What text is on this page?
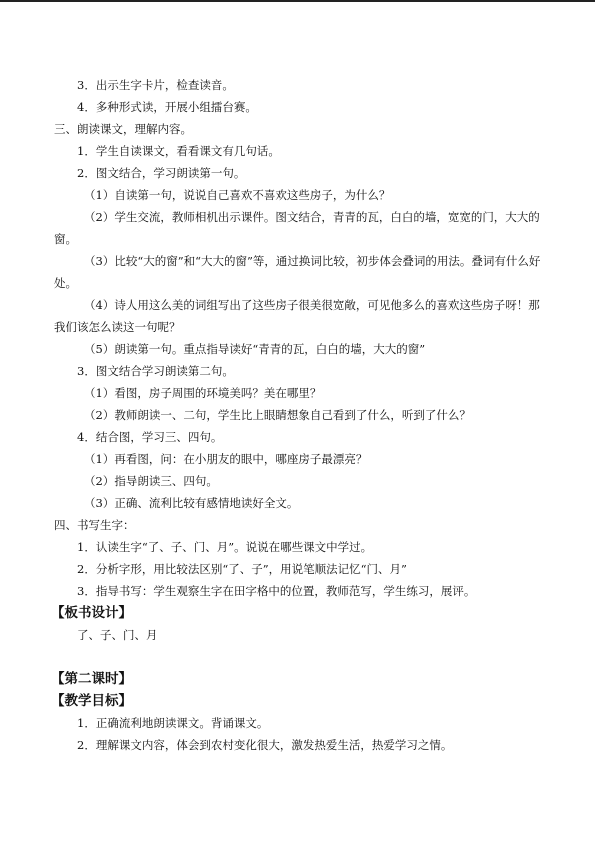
3．出示生字卡片，检查读音。
4．多种形式读，开展小组擂台赛。
三、朗读课文，理解内容。
1．学生自读课文，看看课文有几句话。
2．图文结合，学习朗读第一句。
（1）自读第一句，说说自己喜欢不喜欢这些房子，为什么？
（2）学生交流，教师相机出示课件。图文结合，青青的瓦，白白的墙，宽宽的门，大大的窗。
（3）比较“大的窗”和“大大的窗”等，通过换词比较，初步体会叠词的用法。叠词有什么好处。
（4）诗人用这么美的词组写出了这些房子很美很宽敞，可见他多么的喜欢这些房子呀！那我们该怎么读这一句呢？
（5）朗读第一句。重点指导读好“青青的瓦，白白的墙，大大的窗”
3．图文结合学习朗读第二句。
（1）看图，房子周围的环境美吗？美在哪里？
（2）教师朗读一、二句，学生比上眼睛想象自己看到了什么，听到了什么？
4．结合图，学习三、四句。
（1）再看图，问：在小朋友的眼中，哪座房子最漂亮？
（2）指导朗读三、四句。
（3）正确、流利比较有感情地读好全文。
四、书写生字：
1．认读生字“了、子、门、月”。说说在哪些课文中学过。
2．分析字形，用比较法区别“了、子”，用说笔顺法记忆“门、月”
3．指导书写：学生观察生字在田字格中的位置，教师范写，学生练习，展评。
【板书设计】
了、子、门、月
【第二课时】
【教学目标】
1．正确流利地朗读课文。背诵课文。
2．理解课文内容，体会到农村变化很大，激发热爱生活，热爱学习之情。
